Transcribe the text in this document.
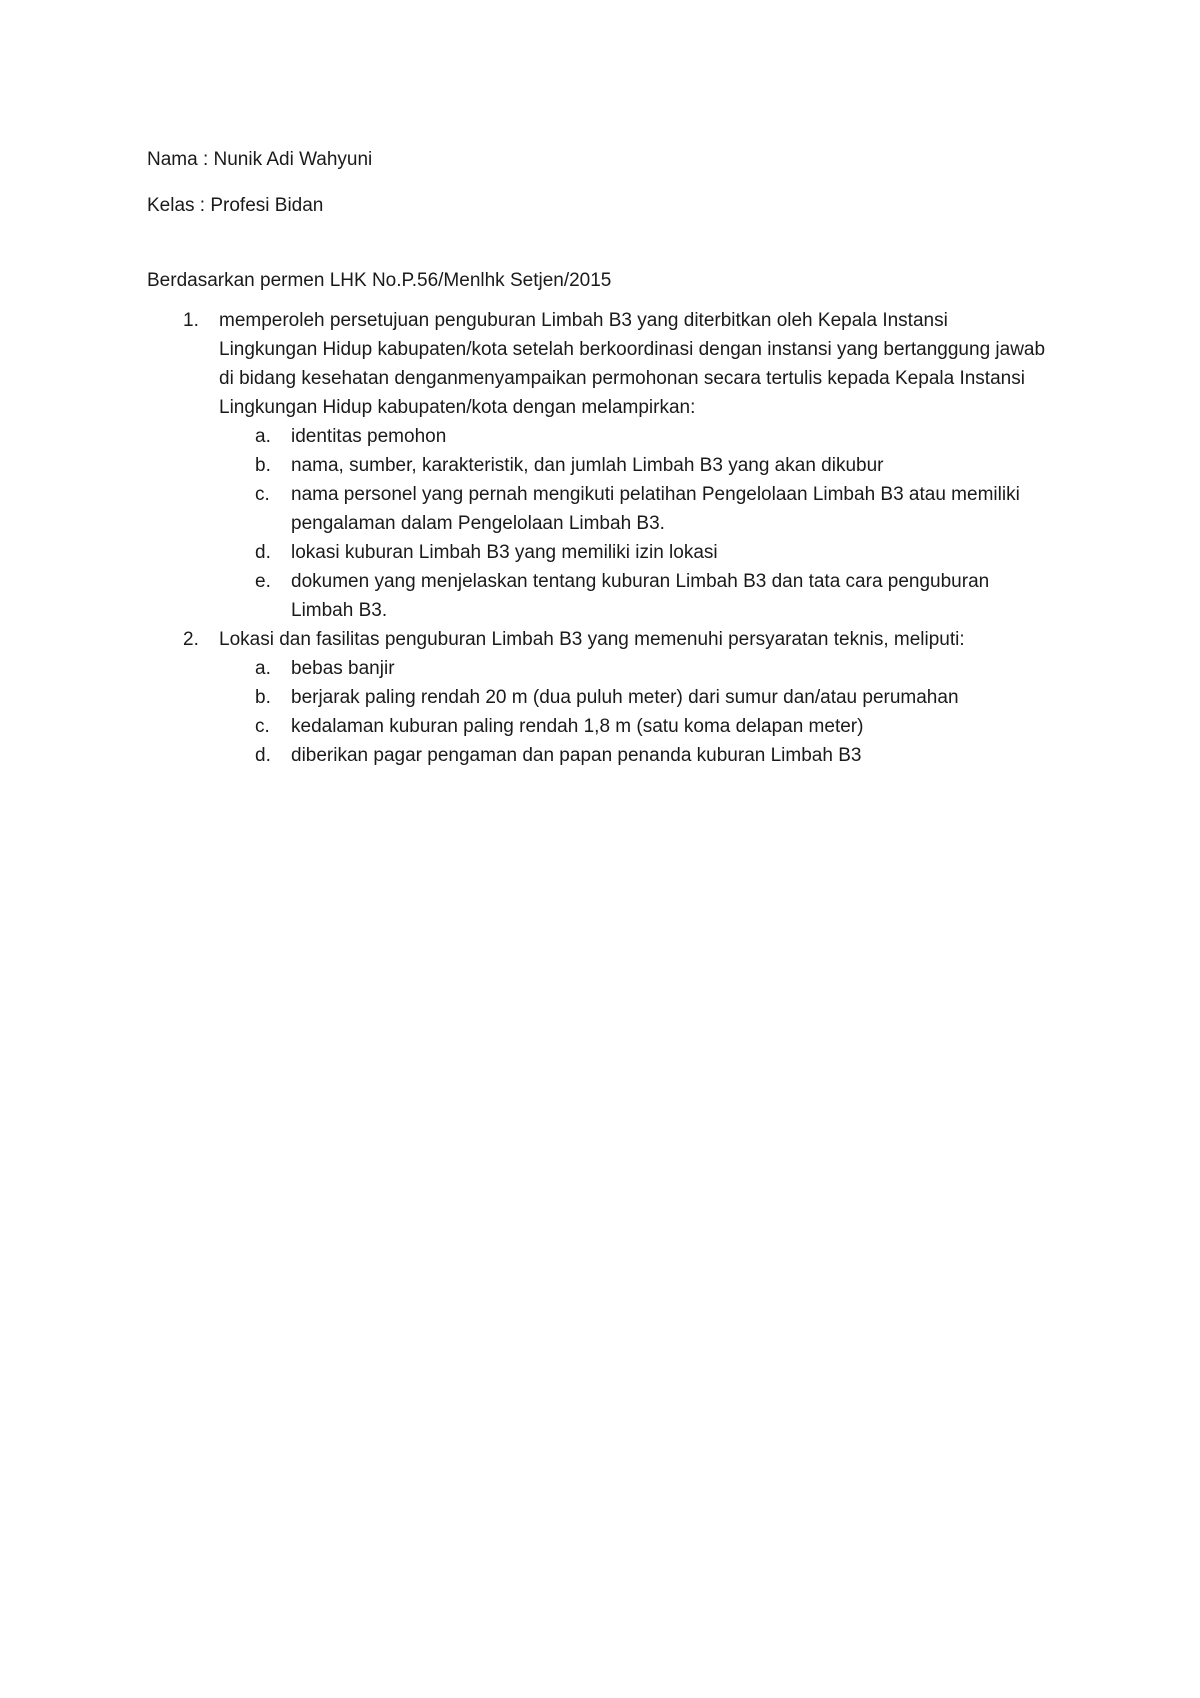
Nama : Nunik Adi Wahyuni

Kelas : Profesi Bidan

Berdasarkan permen LHK No.P.56/Menlhk Setjen/2015

1. memperoleh persetujuan penguburan Limbah B3 yang diterbitkan oleh Kepala Instansi Lingkungan Hidup kabupaten/kota setelah berkoordinasi dengan instansi yang bertanggung jawab di bidang kesehatan denganmenyampaikan permohonan secara tertulis kepada Kepala Instansi Lingkungan Hidup kabupaten/kota dengan melampirkan:
a. identitas pemohon
b. nama, sumber, karakteristik, dan jumlah Limbah B3 yang akan dikubur
c. nama personel yang pernah mengikuti pelatihan Pengelolaan Limbah B3 atau memiliki pengalaman dalam Pengelolaan Limbah B3.
d. lokasi kuburan Limbah B3 yang memiliki izin lokasi
e. dokumen yang menjelaskan tentang kuburan Limbah B3 dan tata cara penguburan Limbah B3.
2. Lokasi dan fasilitas penguburan Limbah B3 yang memenuhi persyaratan teknis, meliputi:
a. bebas banjir
b. berjarak paling rendah 20 m (dua puluh meter) dari sumur dan/atau perumahan
c. kedalaman kuburan paling rendah 1,8 m (satu koma delapan meter)
d. diberikan pagar pengaman dan papan penanda kuburan Limbah B3
